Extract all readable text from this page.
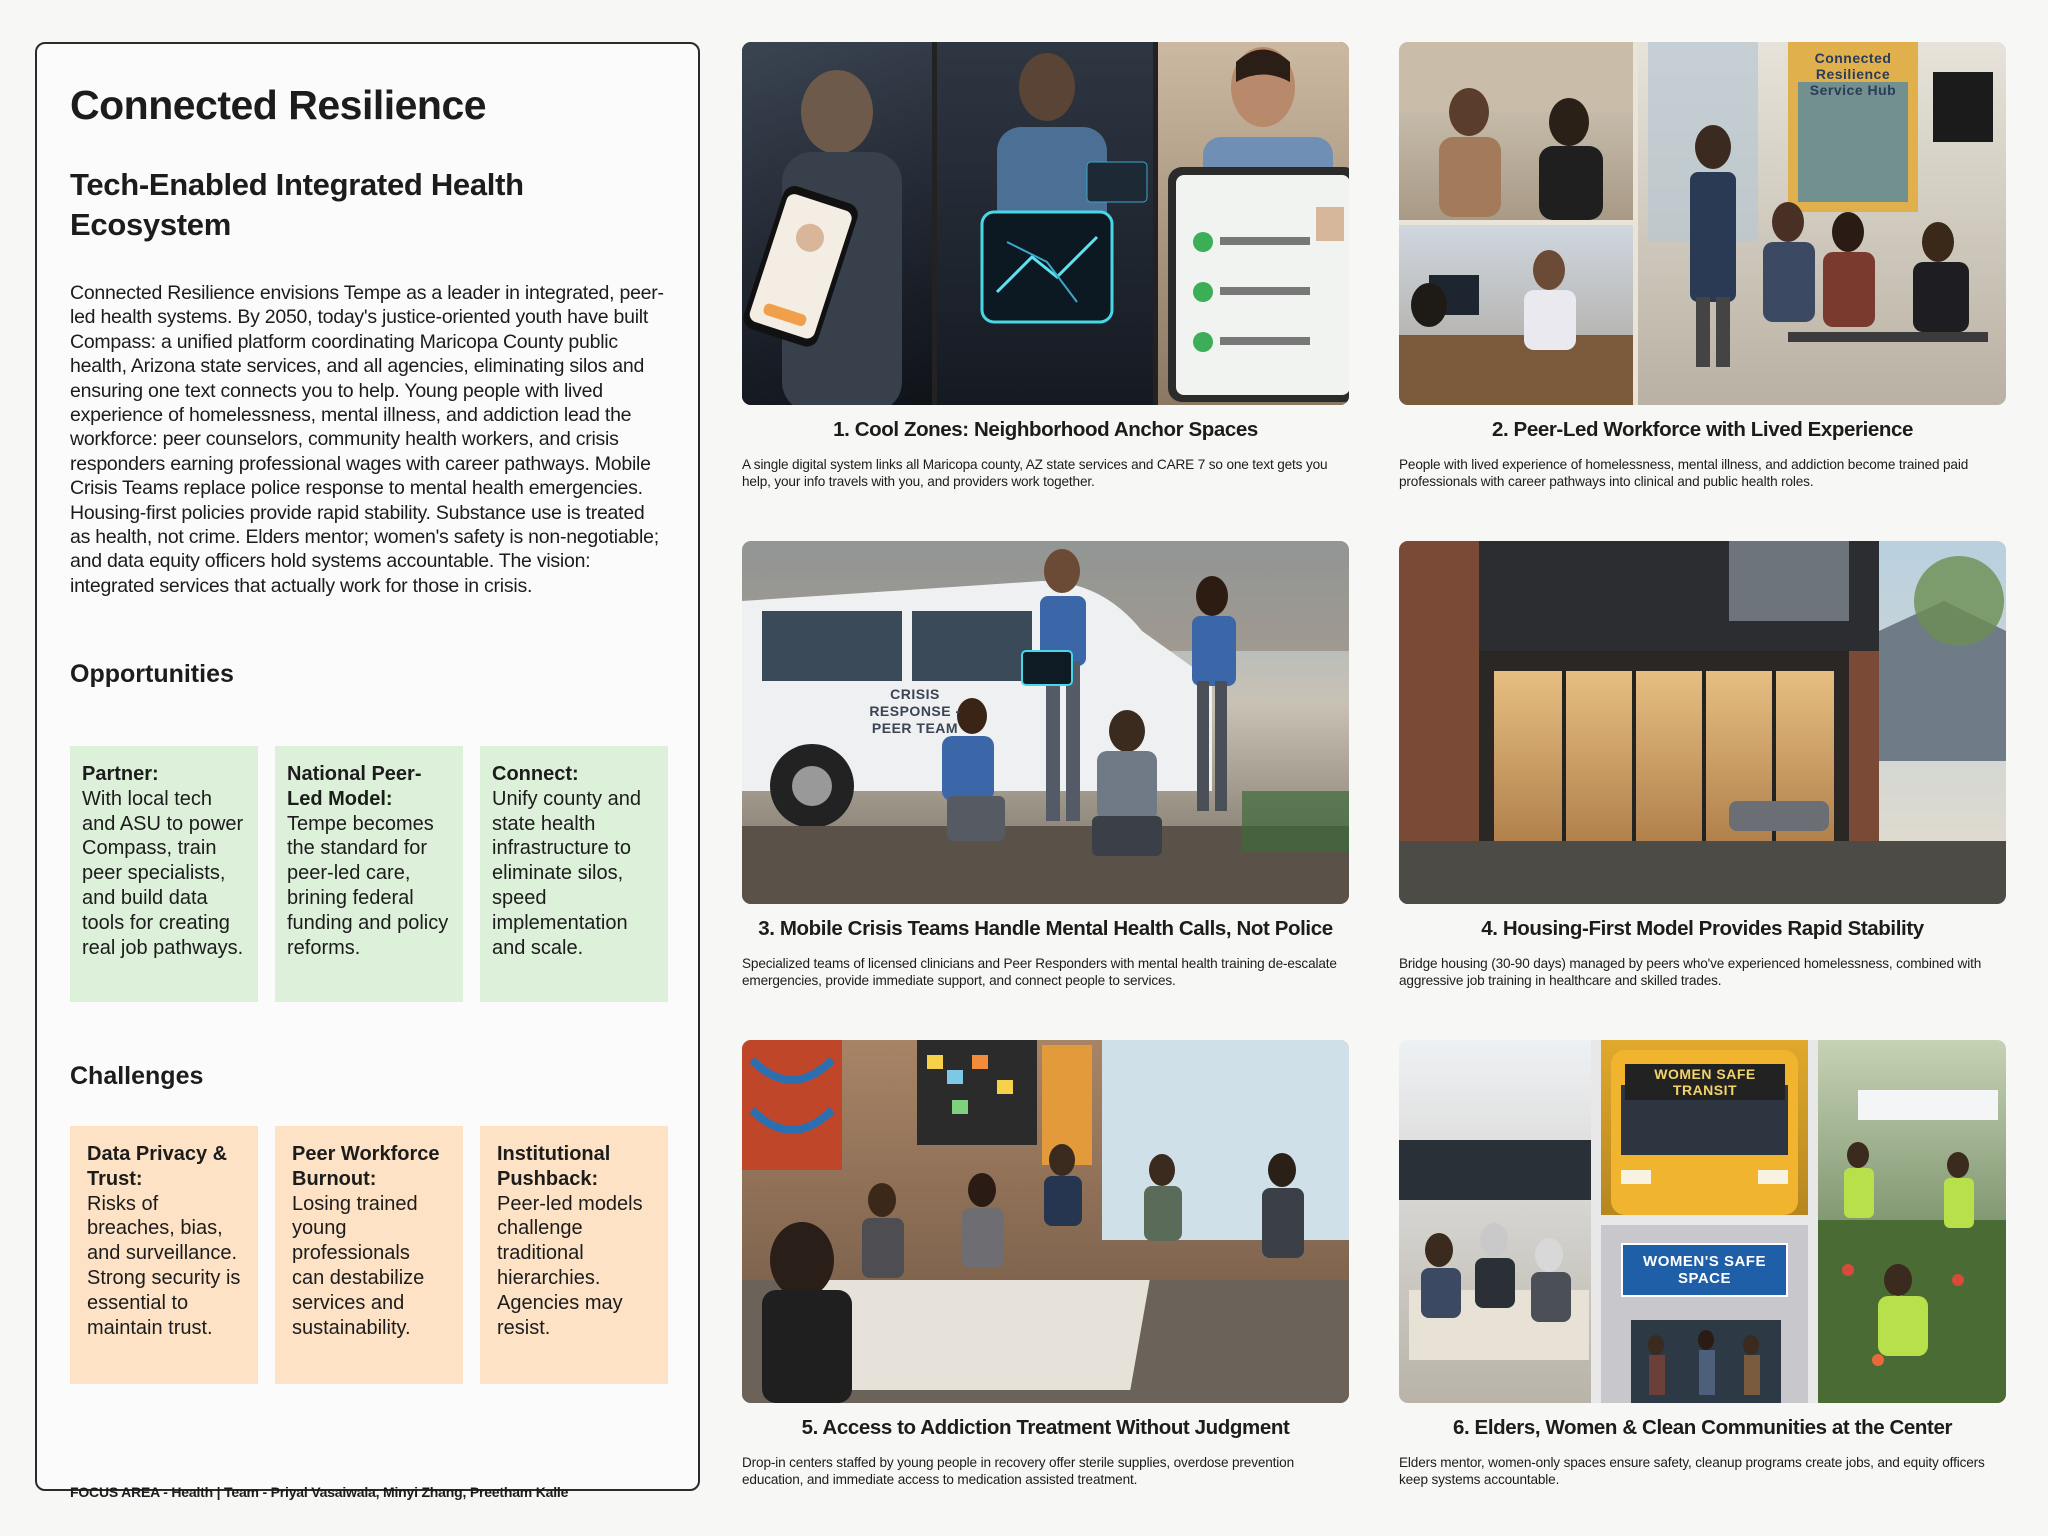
Connected Resilience
Tech-Enabled Integrated Health Ecosystem

Connected Resilience envisions Tempe as a leader in integrated, peer-led health systems. By 2050, today's justice-oriented youth have built Compass: a unified platform coordinating Maricopa County public health, Arizona state services, and all agencies, eliminating silos and ensuring one text connects you to help. Young people with lived experience of homelessness, mental illness, and addiction lead the workforce: peer counselors, community health workers, and crisis responders earning professional wages with career pathways. Mobile Crisis Teams replace police response to mental health emergencies. Housing-first policies provide rapid stability. Substance use is treated as health, not crime. Elders mentor; women's safety is non-negotiable; and data equity officers hold systems accountable. The vision: integrated services that actually work for those in crisis.

Opportunities
Partner:
With local tech and ASU to power Compass, train peer specialists, and build data tools for creating real job pathways.
National Peer-Led Model:
Tempe becomes the standard for peer-led care, brining federal funding and policy reforms.
Connect:
Unify county and state health infrastructure to eliminate silos, speed implementation and scale.
Challenges
Data Privacy & Trust:
Risks of breaches, bias, and surveillance. Strong security is essential to maintain trust.
Peer Workforce Burnout:
Losing trained young professionals can destabilize services and sustainability.
Institutional Pushback:
Peer-led models challenge traditional hierarchies. Agencies may resist.
FOCUS AREA - Health | Team - Priyal Vasaiwala, Minyi Zhang, Preetham Kalle
1. Cool Zones: Neighborhood Anchor Spaces
A single digital system links all Maricopa county, AZ state services and CARE 7 so one text gets you help, your info travels with you, and providers work together.
Connected Resilience Service Hub
2. Peer-Led Workforce with Lived Experience
People with lived experience of homelessness, mental illness, and addiction become trained paid professionals with career pathways into clinical and public health roles.
CRISIS RESPONSE - PEER TEAM
3. Mobile Crisis Teams Handle Mental Health Calls, Not Police
Specialized teams of licensed clinicians and Peer Responders with mental health training de-escalate emergencies, provide immediate support, and connect people to services.
4. Housing-First Model Provides Rapid Stability
Bridge housing (30-90 days) managed by peers who've experienced homelessness, combined with aggressive job training in healthcare and skilled trades.
5. Access to Addiction Treatment Without Judgment
Drop-in centers staffed by young people in recovery offer sterile supplies, overdose prevention education, and immediate access to medication assisted treatment.
WOMEN SAFE TRANSIT
WOMEN'S SAFE SPACE
6. Elders, Women & Clean Communities at the Center
Elders mentor, women-only spaces ensure safety, cleanup programs create jobs, and equity officers keep systems accountable.
